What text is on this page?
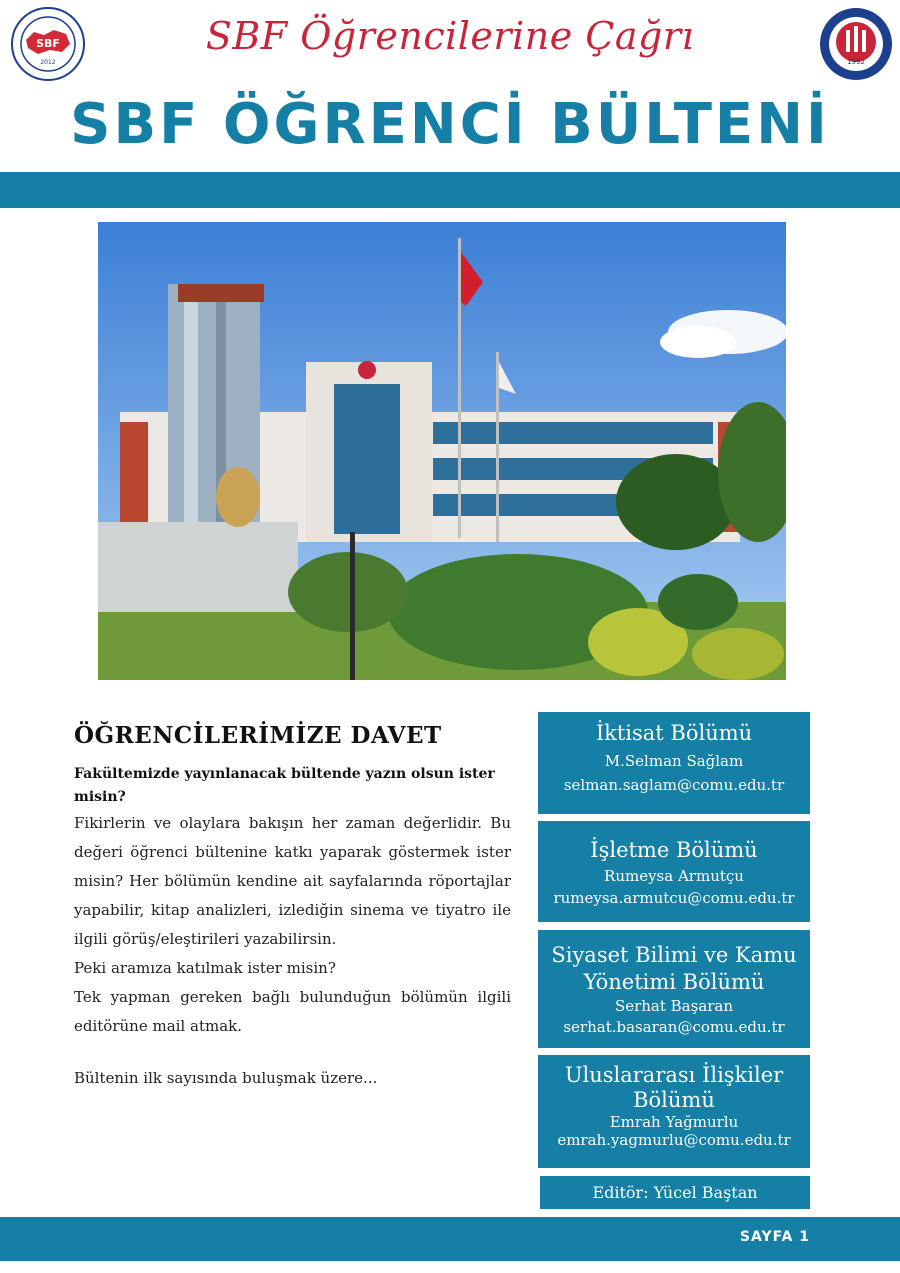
SBF
2012	1992
SBF Öğrencilerine Çağrı
SBF ÖĞRENCİ BÜLTENİ
ÖĞRENCİLERİMİZE DAVET

Fakültemizde yayınlanacak bültende yazın olsun ister misin?

Fikirlerin ve olaylara bakışın her zaman değerlidir. Bu değeri öğrenci bültenine katkı yaparak göstermek ister misin? Her bölümün kendine ait sayfalarında röportajlar yapabilir, kitap analizleri, izlediğin sinema ve tiyatro ile ilgili görüş/eleştirileri yazabilirsin.

Peki aramıza katılmak ister misin?

Tek yapman gereken bağlı bulunduğun bölümün ilgili editörüne mail atmak.

Bültenin ilk sayısında buluşmak üzere...
İktisat Bölümü
M.Selman Sağlam
selman.saglam@comu.edu.tr
İşletme Bölümü
Rumeysa Armutçu
rumeysa.armutcu@comu.edu.tr
Siyaset Bilimi ve Kamu Yönetimi Bölümü
Serhat Başaran
serhat.basaran@comu.edu.tr
Uluslararası İlişkiler Bölümü
Emrah Yağmurlu
emrah.yagmurlu@comu.edu.tr
Editör: Yücel Baştan
SAYFA 1
